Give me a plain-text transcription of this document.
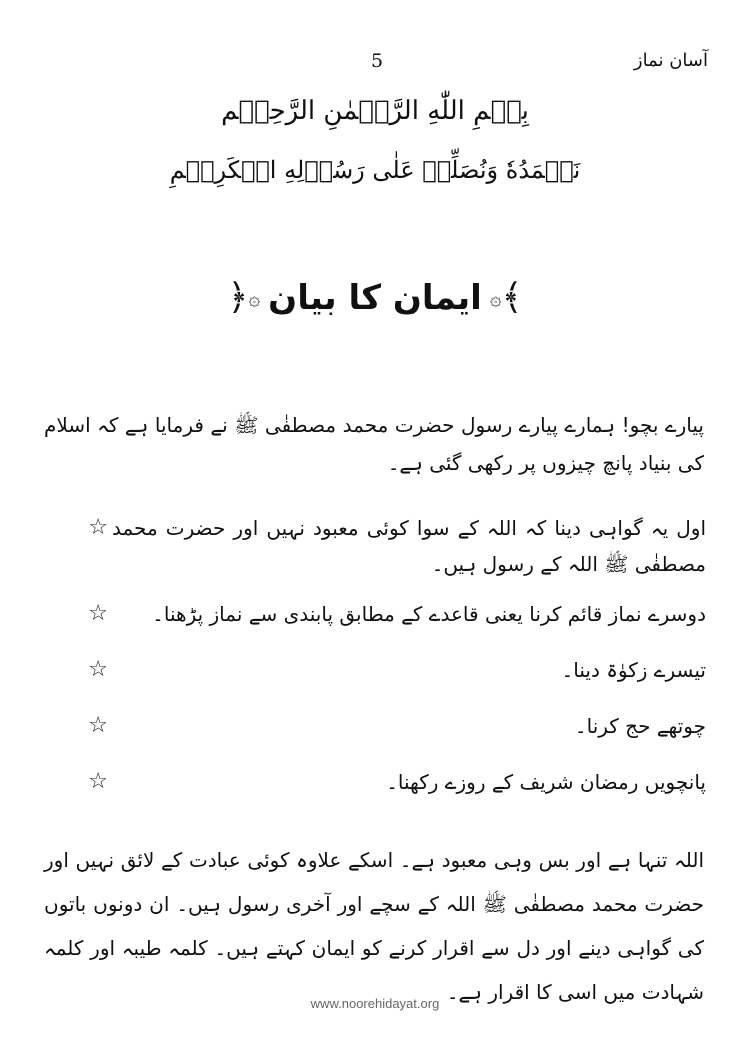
آسان نماز
5
بِسۡمِ اللّٰهِ الرَّحۡمٰنِ الرَّحِيۡم
نَحۡمَدُهٗ وَنُصَلِّىۡ عَلٰى رَسُوۡلِهِ الۡكَرِيۡمِ
﴾
۞
ایمان کا بیان
۞
﴿

پیارے بچو! ہمارے پیارے رسول حضرت محمد مصطفٰی ﷺ نے فرمایا ہے کہ اسلام کی بنیاد پانچ چیزوں پر رکھی گئی ہے۔

اول یہ گواہی دینا کہ اللہ کے سوا کوئی معبود نہیں اور حضرت محمد مصطفٰی ﷺ اللہ کے رسول ہیں۔
☆
دوسرے نماز قائم کرنا یعنی قاعدے کے مطابق پابندی سے نماز پڑھنا۔
☆
تیسرے زکوٰۃ دینا۔
☆
چوتھے حج کرنا۔
☆
پانچویں رمضان شریف کے روزے رکھنا۔
☆

اللہ تنہا ہے اور بس وہی معبود ہے۔ اسکے علاوہ کوئی عبادت کے لائق نہیں اور حضرت محمد مصطفٰی ﷺ اللہ کے سچے اور آخری رسول ہیں۔ ان دونوں باتوں کی گواہی دینے اور دل سے اقرار کرنے کو ایمان کہتے ہیں۔ کلمہ طیبہ اور کلمہ شہادت میں اسی کا اقرار ہے۔

www.noorehidayat.org
